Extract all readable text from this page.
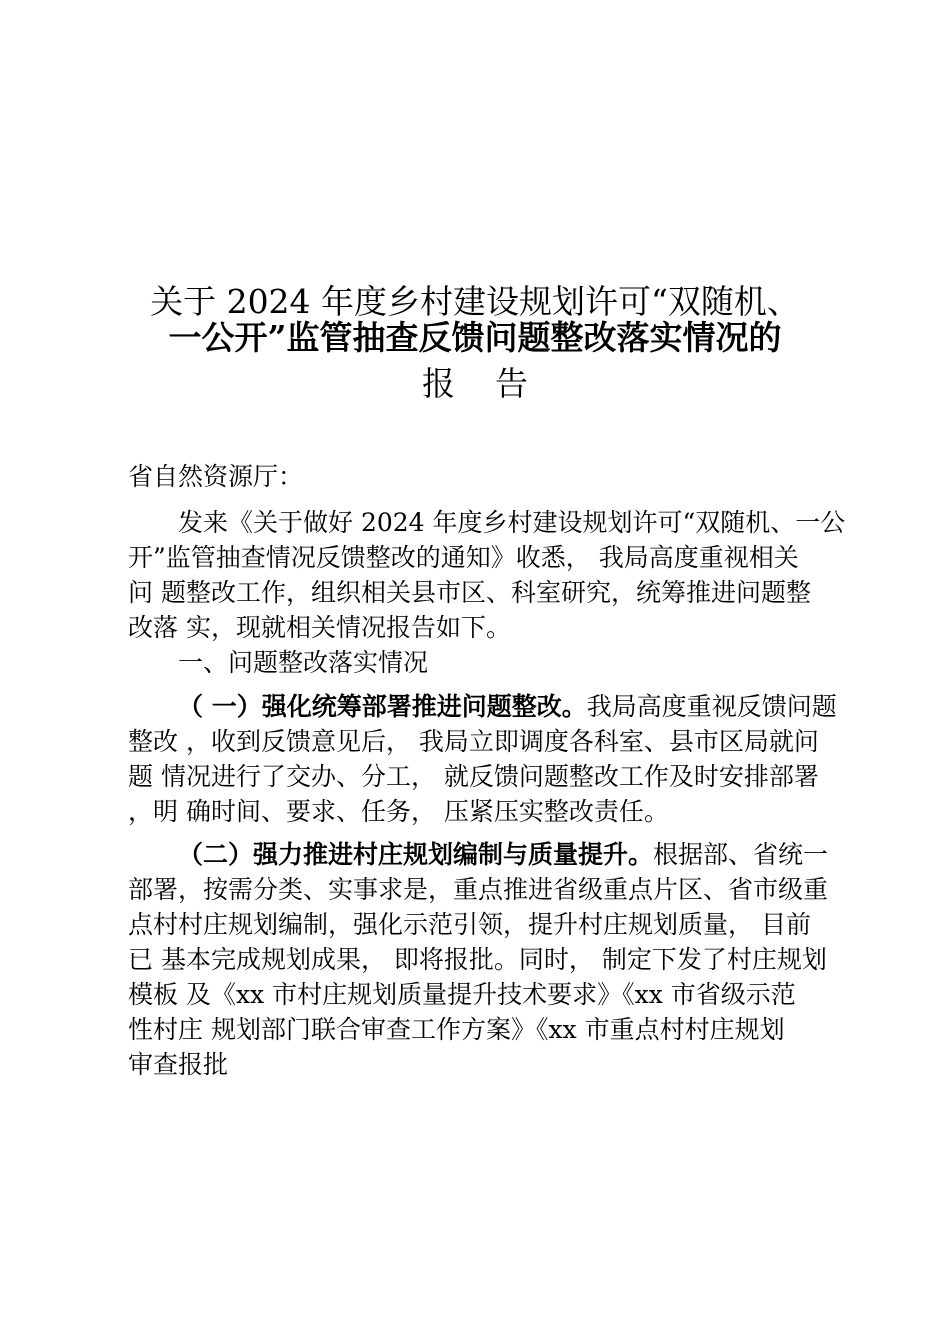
关于 2024 年度乡村建设规划许可“双随机、
一公开”监管抽查反馈问题整改落实情况的
报告
省自然资源厅：
发来《关于做好 2024 年度乡村建设规划许可“双随机、一公
开”监管抽查情况反馈整改的通知》收悉， 我局高度重视相关
问 题整改工作，组织相关县市区、科室研究，统筹推进问题整
改落 实，现就相关情况报告如下。
一、问题整改落实情况
（ 一）强化统筹部署推进问题整改。我局高度重视反馈问题
整改 ，收到反馈意见后， 我局立即调度各科室、县市区局就问
题 情况进行了交办、分工， 就反馈问题整改工作及时安排部署
，明 确时间、要求、任务， 压紧压实整改责任。
（二）强力推进村庄规划编制与质量提升。根据部、省统一
部署，按需分类、实事求是，重点推进省级重点片区、省市级重
点村村庄规划编制，强化示范引领，提升村庄规划质量， 目前
已 基本完成规划成果， 即将报批。同时， 制定下发了村庄规划
模板 及《xx 市村庄规划质量提升技术要求》《xx 市省级示范
性村庄 规划部门联合审查工作方案》《xx 市重点村村庄规划
审查报批
